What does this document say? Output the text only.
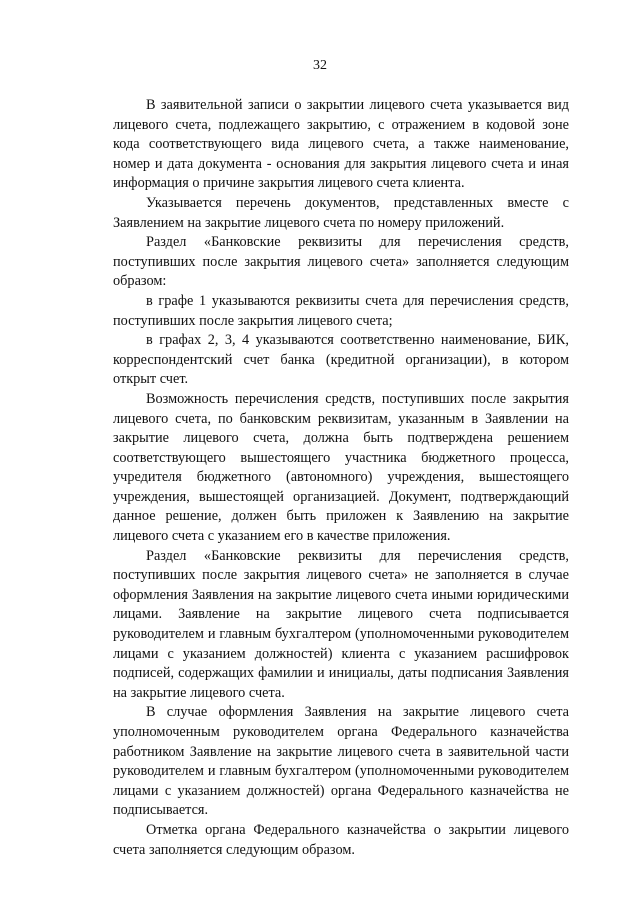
32

В заявительной записи о закрытии лицевого счета указывается вид лицевого счета, подлежащего закрытию, с отражением в кодовой зоне кода соответствующего вида лицевого счета, а также наименование, номер и дата документа - основания для закрытия лицевого счета и иная информация о причине закрытия лицевого счета клиента.

Указывается перечень документов, представленных вместе с Заявлением на закрытие лицевого счета по номеру приложений.

Раздел «Банковские реквизиты для перечисления средств, поступивших после закрытия лицевого счета» заполняется следующим образом:

в графе 1 указываются реквизиты счета для перечисления средств, поступивших после закрытия лицевого счета;

в графах 2, 3, 4 указываются соответственно наименование, БИК, корреспондентский счет банка (кредитной организации), в котором открыт счет.

Возможность перечисления средств, поступивших после закрытия лицевого счета, по банковским реквизитам, указанным в Заявлении на закрытие лицевого счета, должна быть подтверждена решением соответствующего вышестоящего участника бюджетного процесса, учредителя бюджетного (автономного) учреждения, вышестоящего учреждения, вышестоящей организацией. Документ, подтверждающий данное решение, должен быть приложен к Заявлению на закрытие лицевого счета с указанием его в качестве приложения.

Раздел «Банковские реквизиты для перечисления средств, поступивших после закрытия лицевого счета» не заполняется в случае оформления Заявления на закрытие лицевого счета иными юридическими лицами. Заявление на закрытие лицевого счета подписывается руководителем и главным бухгалтером (уполномоченными руководителем лицами с указанием должностей) клиента с указанием расшифровок подписей, содержащих фамилии и инициалы, даты подписания Заявления на закрытие лицевого счета.

В случае оформления Заявления на закрытие лицевого счета уполномоченным руководителем органа Федерального казначейства работником Заявление на закрытие лицевого счета в заявительной части руководителем и главным бухгалтером (уполномоченными руководителем лицами с указанием должностей) органа Федерального казначейства не подписывается.

Отметка органа Федерального казначейства о закрытии лицевого счета заполняется следующим образом.
